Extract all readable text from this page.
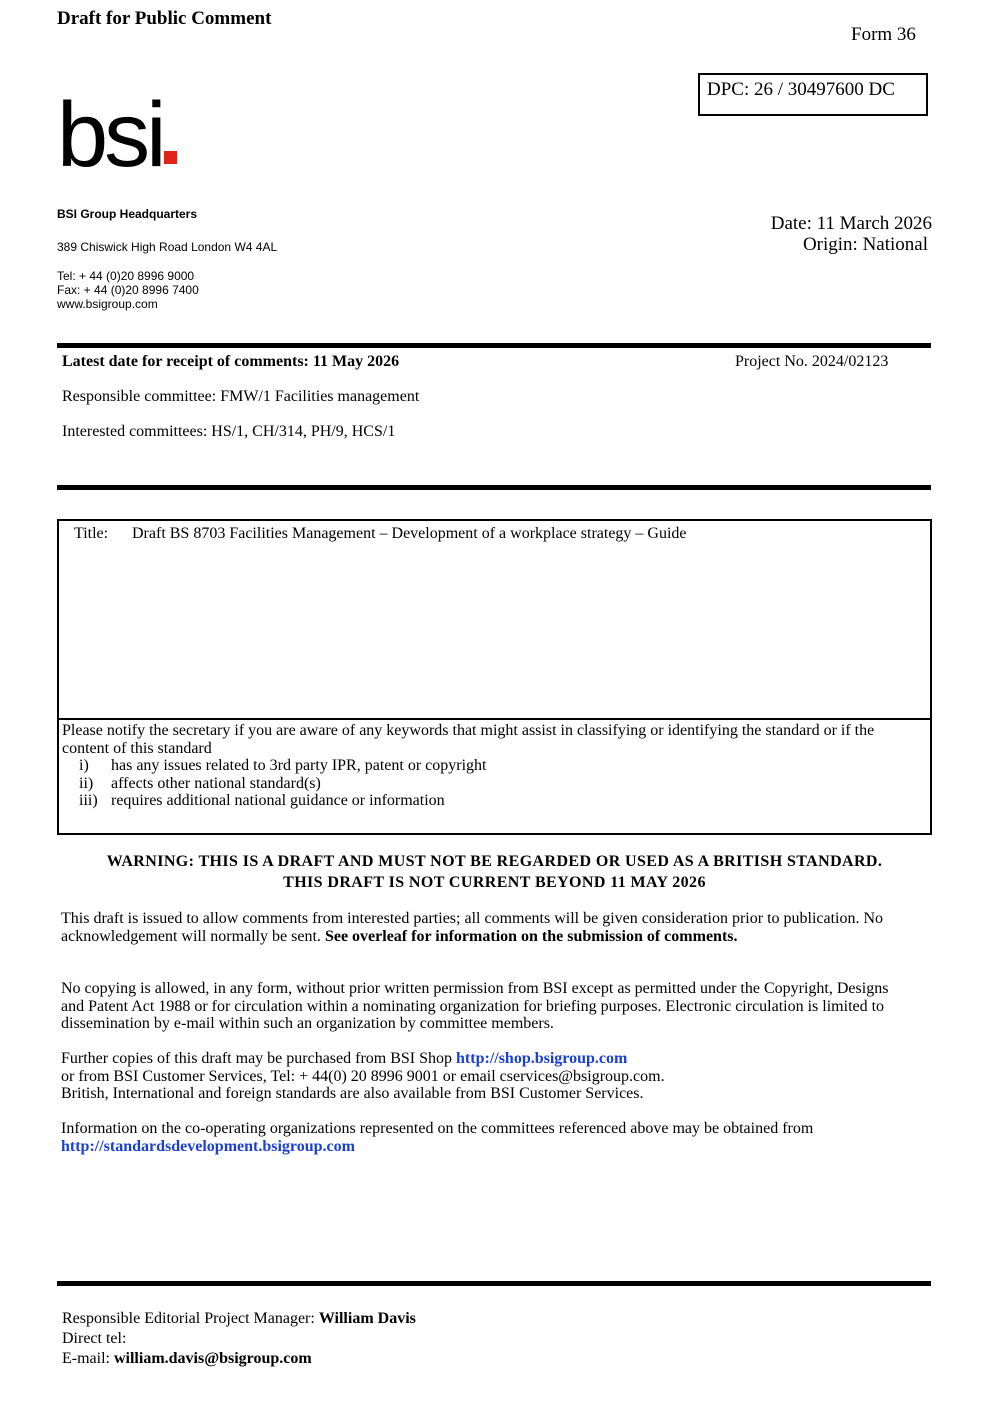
Draft for Public Comment
Form 36
DPC: 26 / 30497600 DC
bsi
BSI Group Headquarters
389 Chiswick High Road London W4 4AL
Tel: + 44 (0)20 8996 9000
Fax: + 44 (0)20 8996 7400
www.bsigroup.com
Date: 11 March 2026
Origin: National
Latest date for receipt of comments: 11 May 2026	Project No. 2024/02123
Responsible committee: FMW/1 Facilities management
Interested committees: HS/1, CH/314, PH/9, HCS/1
Title: Draft BS 8703 Facilities Management – Development of a workplace strategy – Guide
Please notify the secretary if you are aware of any keywords that might assist in classifying or identifying the standard or if the content of this standard
i) has any issues related to 3rd party IPR, patent or copyright
ii) affects other national standard(s)
iii) requires additional national guidance or information
WARNING: THIS IS A DRAFT AND MUST NOT BE REGARDED OR USED AS A BRITISH STANDARD.
THIS DRAFT IS NOT CURRENT BEYOND 11 MAY 2026
This draft is issued to allow comments from interested parties; all comments will be given consideration prior to publication. No acknowledgement will normally be sent. See overleaf for information on the submission of comments.
No copying is allowed, in any form, without prior written permission from BSI except as permitted under the Copyright, Designs and Patent Act 1988 or for circulation within a nominating organization for briefing purposes. Electronic circulation is limited to dissemination by e-mail within such an organization by committee members.
Further copies of this draft may be purchased from BSI Shop http://shop.bsigroup.com
or from BSI Customer Services, Tel: + 44(0) 20 8996 9001 or email cservices@bsigroup.com.
British, International and foreign standards are also available from BSI Customer Services.
Information on the co-operating organizations represented on the committees referenced above may be obtained from
http://standardsdevelopment.bsigroup.com
Responsible Editorial Project Manager: William Davis
Direct tel:
E-mail: william.davis@bsigroup.com
